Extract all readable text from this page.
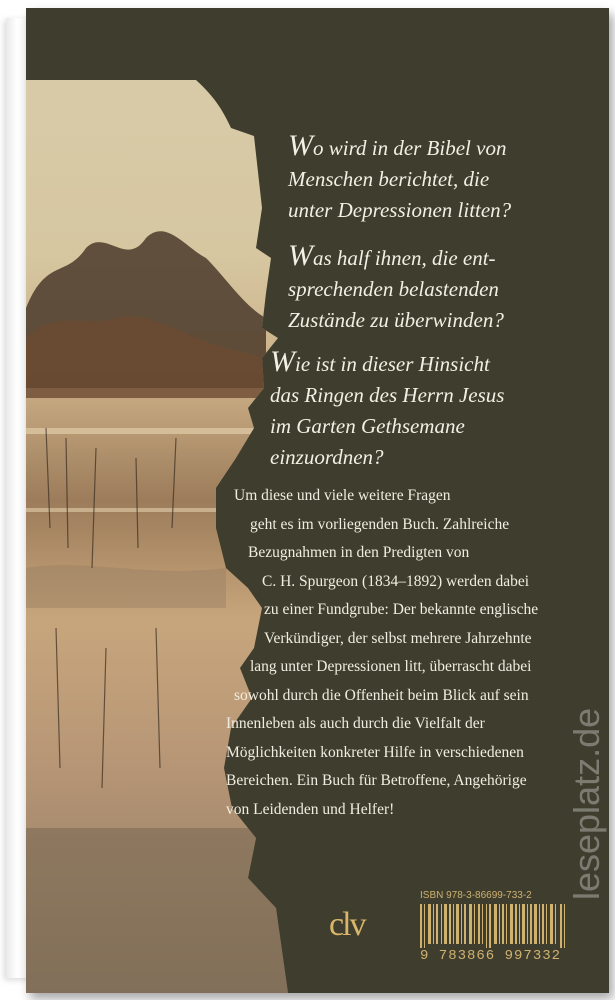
Wo wird in der Bibel von
Menschen berichtet, die
unter Depressionen litten?

Was half ihnen, die ent-
sprechenden belastenden
Zustände zu überwinden?

Wie ist in dieser Hinsicht
das Ringen des Herrn Jesus
im Garten Gethsemane
einzuordnen?

Um diese und viele weitere Fragen
geht es im vorliegenden Buch. Zahlreiche
Bezugnahmen in den Predigten von
C. H. Spurgeon (1834–1892) werden dabei
zu einer Fundgrube: Der bekannte englische
Verkündiger, der selbst mehrere Jahrzehnte
lang unter Depressionen litt, überrascht dabei
sowohl durch die Offenheit beim Blick auf sein
Innenleben als auch durch die Vielfalt der
Möglichkeiten konkreter Hilfe in verschiedenen
Bereichen. Ein Buch für Betroffene, Angehörige
von Leidenden und Helfer!
clv
ISBN 978-3-86699-733-2
9 783866 997332
leseplatz.de
